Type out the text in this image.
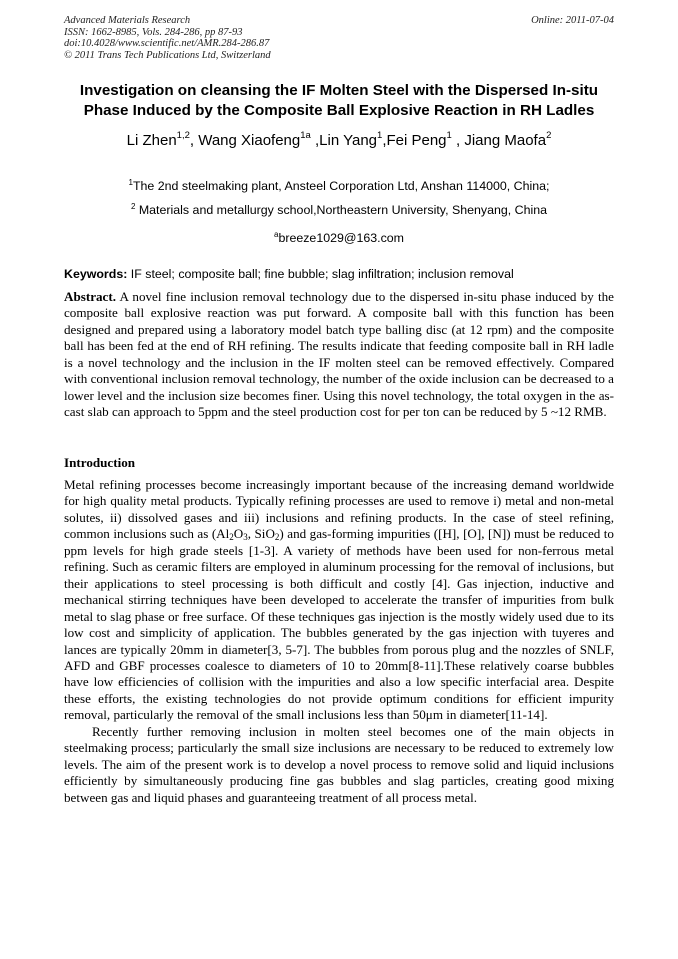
Advanced Materials Research
ISSN: 1662-8985, Vols. 284-286, pp 87-93
doi:10.4028/www.scientific.net/AMR.284-286.87
© 2011 Trans Tech Publications Ltd, Switzerland
Online: 2011-07-04
Investigation on cleansing the IF Molten Steel with the Dispersed In-situ
Phase Induced by the Composite Ball Explosive Reaction in RH Ladles
Li Zhen$^{1,2}$, Wang Xiaofeng$^{1a}$ ,Lin Yang$^1$,Fei Peng$^1$ , Jiang Maofa$^2$
$^1$The 2nd steelmaking plant, Ansteel Corporation Ltd, Anshan 114000, China;
$^2$ Materials and metallurgy school,Northeastern University, Shenyang, China
$^a$breeze1029@163.com
Keywords: IF steel; composite ball; fine bubble; slag infiltration; inclusion removal
Abstract. A novel fine inclusion removal technology due to the dispersed in-situ phase induced by the composite ball explosive reaction was put forward. A composite ball with this function has been designed and prepared using a laboratory model batch type balling disc (at 12 rpm) and the composite ball has been fed at the end of RH refining. The results indicate that feeding composite ball in RH ladle is a novel technology and the inclusion in the IF molten steel can be removed effectively. Compared with conventional inclusion removal technology, the number of the oxide inclusion can be decreased to a lower level and the inclusion size becomes finer. Using this novel technology, the total oxygen in the as-cast slab can approach to 5ppm and the steel production cost for per ton can be reduced by 5 ~12 RMB.
Introduction
Metal refining processes become increasingly important because of the increasing demand worldwide for high quality metal products. Typically refining processes are used to remove i) metal and non-metal solutes, ii) dissolved gases and iii) inclusions and refining products. In the case of steel refining, common inclusions such as ($Al_2O_3$, SiO$_2$) and gas-forming impurities ([H], [O], [N]) must be reduced to ppm levels for high grade steels [1-3]. A variety of methods have been used for non-ferrous metal refining. Such as ceramic filters are employed in aluminum processing for the removal of inclusions, but their applications to steel processing is both difficult and costly [4]. Gas injection, inductive and mechanical stirring techniques have been developed to accelerate the transfer of impurities from bulk metal to slag phase or free surface. Of these techniques gas injection is the mostly widely used due to its low cost and simplicity of application. The bubbles generated by the gas injection with tuyeres and lances are typically 20mm in diameter[3, 5-7]. The bubbles from porous plug and the nozzles of SNLF, AFD and GBF processes coalesce to diameters of 10 to 20mm[8-11].These relatively coarse bubbles have low efficiencies of collision with the impurities and also a low specific interfacial area. Despite these efforts, the existing technologies do not provide optimum conditions for efficient impurity removal, particularly the removal of the small inclusions less than 50μm in diameter[11-14].
Recently further removing inclusion in molten steel becomes one of the main objects in steelmaking process; particularly the small size inclusions are necessary to be reduced to extremely low levels. The aim of the present work is to develop a novel process to remove solid and liquid inclusions efficiently by simultaneously producing fine gas bubbles and slag particles, creating good mixing between gas and liquid phases and guaranteeing treatment of all process metal.
